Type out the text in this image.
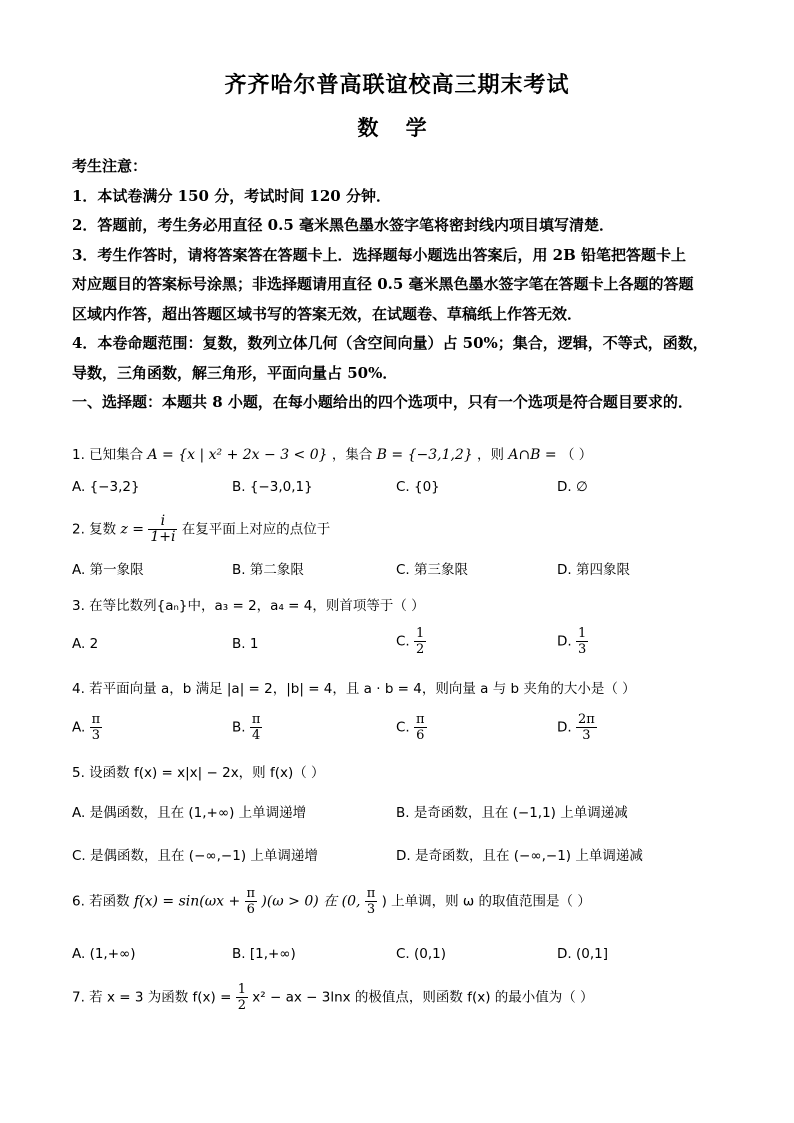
齐齐哈尔普高联谊校高三期末考试
数 学
考生注意：
1．本试卷满分 150 分，考试时间 120 分钟．
2．答题前，考生务必用直径 0.5 毫米黑色墨水签字笔将密封线内项目填写清楚．
3．考生作答时，请将答案答在答题卡上．选择题每小题选出答案后，用 2B 铅笔把答题卡上
对应题目的答案标号涂黑；非选择题请用直径 0.5 毫米黑色墨水签字笔在答题卡上各题的答题
区域内作答，超出答题区域书写的答案无效，在试题卷、草稿纸上作答无效．
4．本卷命题范围：复数，数列立体几何（含空间向量）占 50%；集合，逻辑，不等式，函数，
导数，三角函数，解三角形，平面向量占 50%．
一、选择题：本题共 8 小题，在每小题给出的四个选项中，只有一个选项是符合题目要求的．
1. 已知集合 A = {x | x² + 2x − 3 < 0} ，集合 B = {−3,1,2} ，则 A∩B = （ ）
A. {−3,2}	B. {−3,0,1}	C. {0}	D. ∅
2. 复数 $z = \frac{i}{1+i}$ 在复平面上对应的点位于
A. 第一象限	B. 第二象限	C. 第三象限	D. 第四象限
3. 在等比数列{aₙ}中，a₃ = 2，a₄ = 4，则首项等于（ ）
A. 2	B. 1	C. $\frac{1}{2}$	D. $\frac{1}{3}$
4. 若平面向量 a，b 满足 |a| = 2，|b| = 4，且 a · b = 4，则向量 a 与 b 夹角的大小是（ ）
A. $\frac{\pi}{3}$	B. $\frac{\pi}{4}$	C. $\frac{\pi}{6}$	D. $\frac{2\pi}{3}$
5. 设函数 f(x) = x|x| − 2x，则 f(x)（ ）
A. 是偶函数，且在 (1,+∞) 上单调递增	B. 是奇函数，且在 (−1,1) 上单调递减
C. 是偶函数，且在 (−∞,−1) 上单调递增	D. 是奇函数，且在 (−∞,−1) 上单调递减
6. 若函数 $f(x) = \sin(\omega x + \frac{\pi}{6} )(\omega > 0)$ 在 (0, $\frac{\pi}{3}$ ) 上单调，则 ω 的取值范围是（ ）
A. (1,+∞)	B. [1,+∞)	C. (0,1)	D. (0,1]
7. 若 x = 3 为函数 $f(x) = \frac{1}{2} x^2$ − ax − 3lnx 的极值点，则函数 f(x) 的最小值为（ ）
